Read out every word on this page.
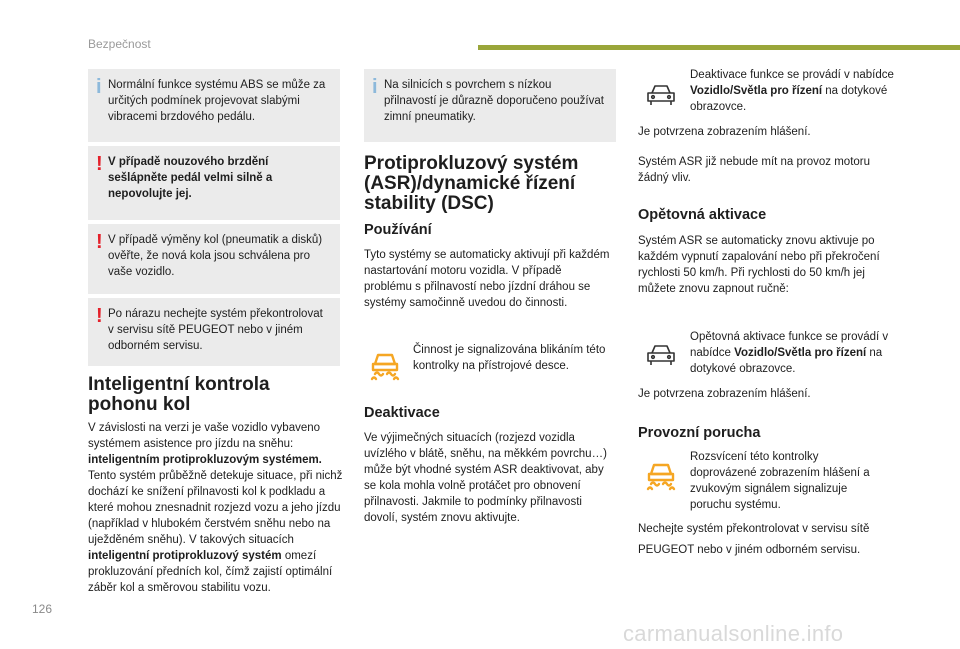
Bezpečnost
i Normální funkce systému ABS se může za určitých podmínek projevovat slabými vibracemi brzdového pedálu.
! V případě nouzového brzdění sešlápněte pedál velmi silně a nepovolujte jej.
! V případě výměny kol (pneumatik a disků) ověřte, že nová kola jsou schválena pro vaše vozidlo.
! Po nárazu nechejte systém překontrolovat v servisu sítě PEUGEOT nebo v jiném odborném servisu.
Inteligentní kontrola pohonu kol
V závislosti na verzi je vaše vozidlo vybaveno systémem asistence pro jízdu na sněhu: inteligentním protiprokluzovým systémem. Tento systém průběžně detekuje situace, při nichž dochází ke snížení přilnavosti kol k podkladu a které mohou znesnadnit rozjezd vozu a jeho jízdu (například v hlubokém čerstvém sněhu nebo na uježděném sněhu). V takových situacích inteligentní protiprokluzový systém omezí prokluzování předních kol, čímž zajistí optimální záběr kol a směrovou stabilitu vozu.
i Na silnicích s povrchem s nízkou přilnavostí je důrazně doporučeno používat zimní pneumatiky.
Protiprokluzový systém (ASR)/dynamické řízení stability (DSC)
Používání
Tyto systémy se automaticky aktivují při každém nastartování motoru vozidla. V případě problému s přilnavostí nebo jízdní dráhou se systémy samočinně uvedou do činnosti.
Činnost je signalizována blikáním této kontrolky na přístrojové desce.
Deaktivace
Ve výjimečných situacích (rozjezd vozidla uvízlého v blátě, sněhu, na měkkém povrchu…) může být vhodné systém ASR deaktivovat, aby se kola mohla volně protáčet pro obnovení přilnavosti. Jakmile to podmínky přilnavosti dovolí, systém znovu aktivujte.
Deaktivace funkce se provádí v nabídce Vozidlo/Světla pro řízení na dotykové obrazovce.
Je potvrzena zobrazením hlášení.
Systém ASR již nebude mít na provoz motoru žádný vliv.
Opětovná aktivace
Systém ASR se automaticky znovu aktivuje po každém vypnutí zapalování nebo při překročení rychlosti 50 km/h. Při rychlosti do 50 km/h jej můžete znovu zapnout ručně:
Opětovná aktivace funkce se provádí v nabídce Vozidlo/Světla pro řízení na dotykové obrazovce.
Je potvrzena zobrazením hlášení.
Provozní porucha
Rozsvícení této kontrolky doprovázené zobrazením hlášení a zvukovým signálem signalizuje poruchu systému.
Nechejte systém překontrolovat v servisu sítě
PEUGEOT nebo v jiném odborném servisu.
126
carmanualsonline.info
